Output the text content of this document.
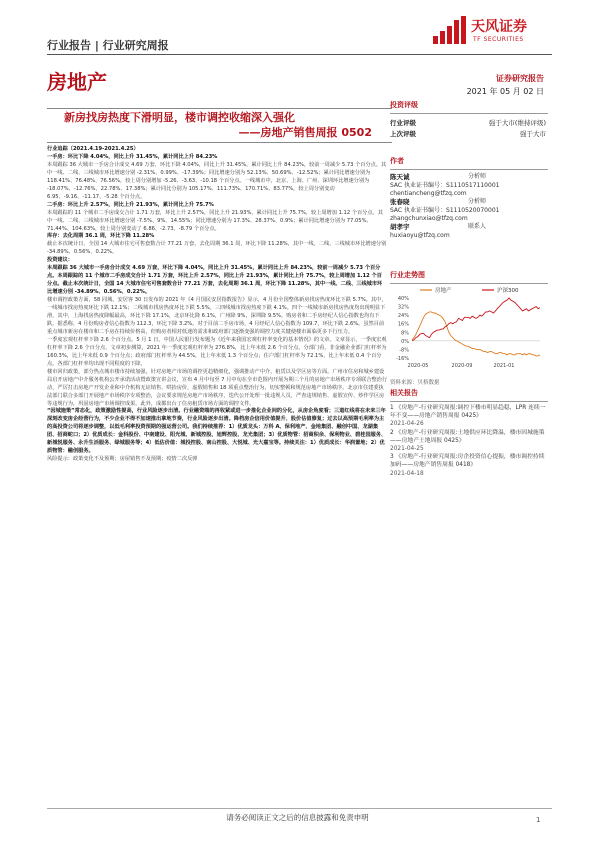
行业报告 | 行业研究周报
天风证券
TF SECURITIES
房地产	证券研究报告
2021 年 05 月 02 日
新房找房热度下滑明显，楼市调控收缩深入强化
——房地产销售周报 0502

行业追踪（2021.4.19-2021.4.25）

一手房：环比下降 4.04%，同比上升 31.45%，累计同比上升 84.23%

本周跟踪 36 大城市一手房合计成交 4.69 万套，环比下降 4.04%，同比上升 31.45%，累计同比上升 84.23%，较前一周减少 5.73 个百分点。其中一线、二线、三线城市环比增速分别 -2.31%、0.99%、-17.39%；同比增速分别为 52.13%、50.69%、-12.52%；累计同比增速分别为 118.41%、76.48%、76.56%，较上周分别增加 -5.26、-3.63、-10.18 个百分点。一线城市中，北京、上海、广州、深圳环比增速分别为 -18.07%、-12.76%、22.78%、17.38%；累计同比分别为 105.17%、111.73%、170.71%、83.77%，较上周分别变动 6.95、-9.16、-11.17、-5.28 个百分点。

二手房：环比上升 2.57%，同比上升 21.93%，累计同比上升 75.7%

本周跟踪的 11 个城市二手房成交合计 1.71 万套，环比上升 2.57%，同比上升 21.93%，累计同比上升 75.7%，较上周增加 1.12 个百分点。其中一线、二线、三线城市环比增速分别 -7.5%、9%、14.55%；同比增速分别为 17.3%、28.37%、0.9%；累计同比增速分别为 77.05%、71.44%、104.63%，较上周分别变动了 6.86、-2.73、-8.79 个百分点。

库存：去化周期 36.1 周，环比下降 11.28%

截止本次统计日，全国 14 大城市住宅可售套数合计 77.21 万套，去化周期 36.1 周，环比下降 11.28%，其中一线、二线、三线城市环比增速分别 -34.89%、0.56%、0.22%。

投资建议：

本周跟踪 36 大城市一手房合计成交 4.69 万套，环比下降 4.04%，同比上升 31.45%，累计同比上升 84.23%，较前一周减少 5.73 个百分点。本周跟踪的 11 个城市二手房成交合计 1.71 万套，环比上升 2.57%，同比上升 21.93%，累计同比上升 75.7%，较上周增加 1.12 个百分点。截止本次统计日，全国 14 大城市住宅可售套数合计 77.21 万套，去化周期 36.1 周，环比下降 11.28%，其中一线、二线、三线城市环比增速分别 -34.89%、0.56%、0.22%。

楼市调控政策方面，58 同城、安居客 30 日发布的 2021 年《4 月国民安居指数报告》显示，4 月份全国整体新房找房热度环比下跌 5.7%。其中，一线城市找房热度环比下跌 12.1%；二线城市找房热度环比下跌 5.5%。三四线城市找房热度下跌 4.1%。四个一线城市新房找房热度均出现明显下滑，其中，上海找房热度降幅最高，环比下降 17.1%，北京环比降 6.1%，广州降 9%，深圳降 9.5%。购房者和二手房经纪人信心指数也均有下跌。据悉称，4 月份购房者信心指数为 112.3，环比下降 3.2%。对于目前二手房市场，4 月经纪人信心指数为 109.7，环比下跌 2.6%。虽然目前重点城市新房在楼市和二手房在持续价格高，但购房者相对低迷的需求和政府部门逐渐变强的调控力度关键使楼市面临更多下行压力。

一季度宏观杠杆率下降 2.6 个百分点。5 月 1 日，中国人民银行发布题为《近年来我国宏观杠杆率变化的基本情况》的文章。文章显示，一季度宏观杠杆率下降 2.6 个百分点，文章初步测算，2021 年一季度宏观杠杆率为 276.8%，比上年末低 2.6 个百分点。分部门看，非金融企业部门杠杆率为 160.3%，比上年末低 0.9 个百分点；政府部门杠杆率为 44.5%，比上年末低 1.3 个百分点；住户部门杠杆率为 72.1%，比上年末低 0.4 个百分点。各部门杠杆率均出现不同程度的下降。

楼市回归政策，部分热点城市楼市持续加强，针对房地产市场的调控更趋精细化，强调推动产中介、租赁以及学区房等方面。广州市住房和城乡建设局启开房地产中介服务机构公开承诺活动暨政策宣讲会议，宣布 4 月中旬至 7 月中旬在全市范围内开展为期三个月的房地产市场秩序专项联合整治行动，严厉打击房地产开发企业和中介机构无证销售、哄抬房价，虚假销售和 18 项重点整治行为，切实整顿和规范房地产市场秩序。北京市住建委执法部门联合多部门开展地产市场秩序专项整治，会议要求规范房地产市场秩序，迭代公开处理一批违规人员，严查违规销售、虚假宣传、炒作学区房等违规行为，巩固房地产市场调控成果。此外，成都出台了住房租赁市场方面的调控文件。

“因城施策”常态化，政策激励性提高，行业风险逐步出清。行业融资端的再收紧或进一步推化企业间的分化，从房企角度看；三道红线将在未来三年深刻改变房企经营行为，不少企业不得不加速推出拿地节奏，行业风险逐步出清。降档房企信用价值提升、股价估值修复；过去以高预期毛利率为主的高投资公司将逐步调整，以低毛利率投资预期的强运营公司。我们持续推荐：1）优质龙头：万科 A、保利地产、金地集团、融创中国、龙湖集团、招商蛇口；2）优质成长：金科股份、中南建设、阳光城、新城控股、旭辉控股、龙光集团；3）优质物管：招商积余、保利物业、碧桂园服务、新城悦服务、永升生活服务、绿城服务等；4）低估价值：城投控股、南山控股、大悦城、光大嘉宝等。持续关注：1）优质成长：华润置地；2）优质物管：融创服务。

风险提示：政策变化不及预期；房屋销售不及预期；疫情二次反弹

投资评级
行业评级	强于大市(维持评级)
上次评级	强于大市
作者
陈天诚	分析师
SAC 执业证书编号：S1110517110001
chentiancheng@tfzq.com
张春晓	分析师
SAC 执业证书编号：S1110520070001
zhangchunxiao@tfzq.com
胡孝宇	联系人
huxiaoyu@tfzq.com
行业走势图
40%
32%
24%
16%
8%
0%
-8%
-16%
2020-05	2020-09	2021-01
房地产	沪深300
资料来源：贝格数据
相关报告
1 《房地产-行业研究周报:调控下楼市明显趋稳，LPR 连续一年不变——房地产销售周报 0425》
2021-04-26
2 《房地产-行业研究周报:土地供应环比降温，楼市因城施策——房地产土地周报 0425》
2021-04-25
3 《房地产-行业研究周报:房企投资信心提振，楼市调控持续加码——房地产销售周报 0418》
2021-04-18
请务必阅读正文之后的信息披露和免责申明	1
